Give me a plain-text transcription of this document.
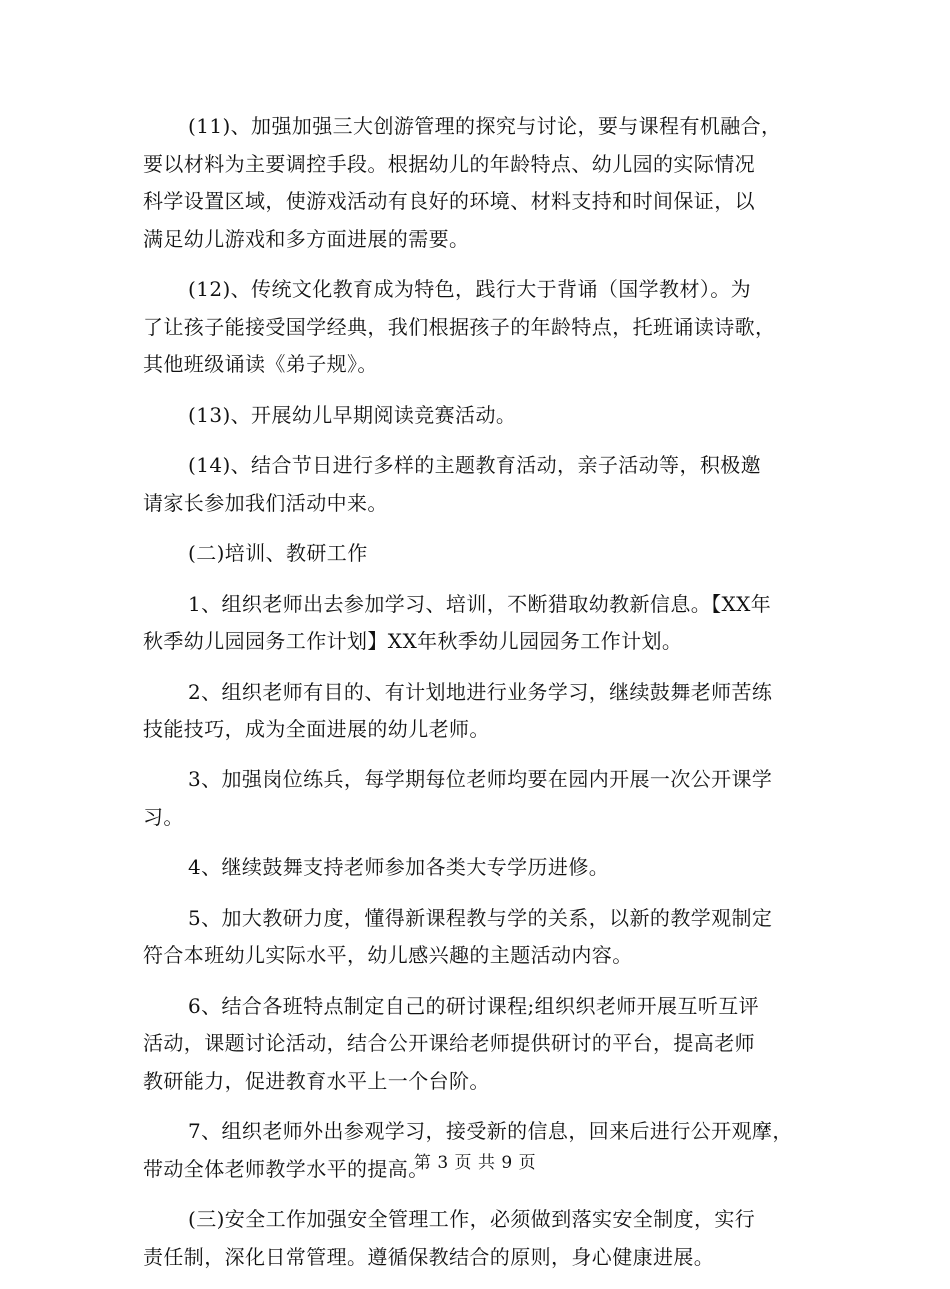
(11)、加强加强三大创游管理的探究与讨论，要与课程有机融合，
要以材料为主要调控手段。根据幼儿的年龄特点、幼儿园的实际情况
科学设置区域，使游戏活动有良好的环境、材料支持和时间保证，以
满足幼儿游戏和多方面进展的需要。

(12)、传统文化教育成为特色，践行大于背诵（国学教材）。为
了让孩子能接受国学经典，我们根据孩子的年龄特点，托班诵读诗歌，
其他班级诵读《弟子规》。

(13)、开展幼儿早期阅读竞赛活动。

(14)、结合节日进行多样的主题教育活动，亲子活动等，积极邀
请家长参加我们活动中来。

(二)培训、教研工作

1、组织老师出去参加学习、培训，不断猎取幼教新信息。【XX年
秋季幼儿园园务工作计划】XX年秋季幼儿园园务工作计划。

2、组织老师有目的、有计划地进行业务学习，继续鼓舞老师苦练
技能技巧，成为全面进展的幼儿老师。

3、加强岗位练兵，每学期每位老师均要在园内开展一次公开课学
习。

4、继续鼓舞支持老师参加各类大专学历进修。

5、加大教研力度，懂得新课程教与学的关系，以新的教学观制定
符合本班幼儿实际水平，幼儿感兴趣的主题活动内容。

6、结合各班特点制定自己的研讨课程;组织织老师开展互听互评
活动，课题讨论活动，结合公开课给老师提供研讨的平台，提高老师
教研能力，促进教育水平上一个台阶。

7、组织老师外出参观学习，接受新的信息，回来后进行公开观摩，
带动全体老师教学水平的提高。

(三)安全工作加强安全管理工作，必须做到落实安全制度，实行
责任制，深化日常管理。遵循保教结合的原则，身心健康进展。

第 3 页 共 9 页
